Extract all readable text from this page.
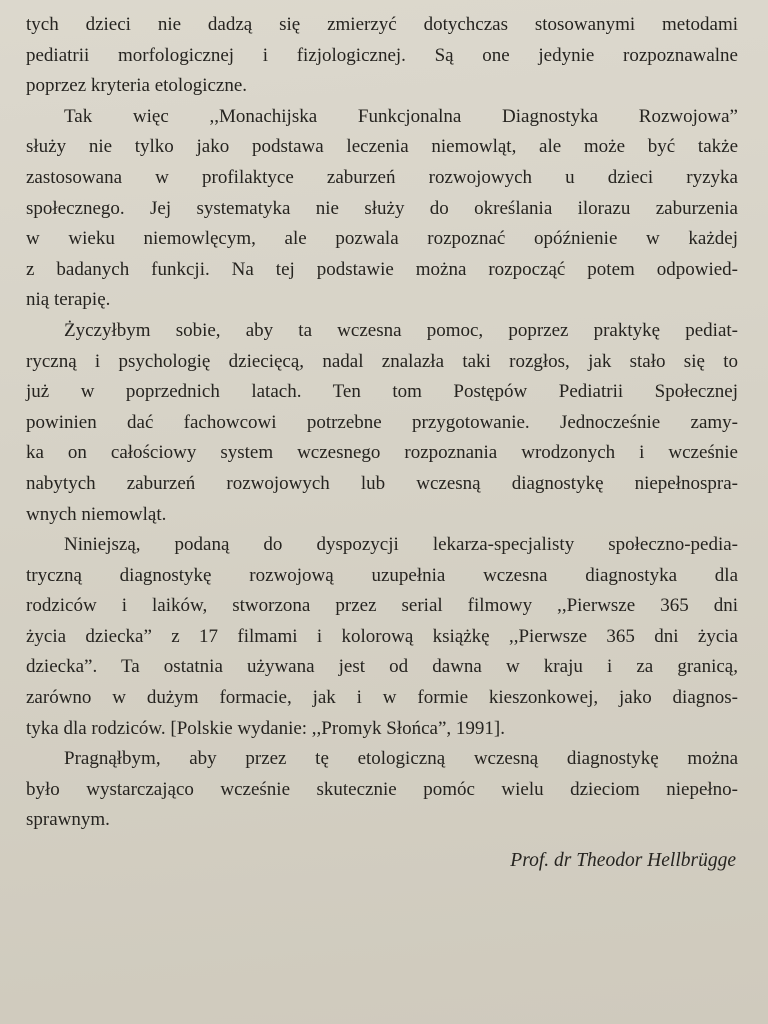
tych dzieci nie dadzą się zmierzyć dotychczas stosowanymi metodami
pediatrii morfologicznej i fizjologicznej. Są one jedynie rozpoznawalne
poprzez kryteria etologiczne.

Tak więc ,,Monachijska Funkcjonalna Diagnostyka Rozwojowa”
służy nie tylko jako podstawa leczenia niemowląt, ale może być także
zastosowana w profilaktyce zaburzeń rozwojowych u dzieci ryzyka
społecznego. Jej systematyka nie służy do określania ilorazu zaburzenia
w wieku niemowlęcym, ale pozwala rozpoznać opóźnienie w każdej
z badanych funkcji. Na tej podstawie można rozpocząć potem odpowied-
nią terapię.

Życzyłbym sobie, aby ta wczesna pomoc, poprzez praktykę pediat-
ryczną i psychologię dziecięcą, nadal znalazła taki rozgłos, jak stało się to
już w poprzednich latach. Ten tom Postępów Pediatrii Społecznej
powinien dać fachowcowi potrzebne przygotowanie. Jednocześnie zamy-
ka on całościowy system wczesnego rozpoznania wrodzonych i wcześnie
nabytych zaburzeń rozwojowych lub wczesną diagnostykę niepełnospra-
wnych niemowląt.

Niniejszą, podaną do dyspozycji lekarza-specjalisty społeczno-pedia-
tryczną diagnostykę rozwojową uzupełnia wczesna diagnostyka dla
rodziców i laików, stworzona przez serial filmowy ,,Pierwsze 365 dni
życia dziecka” z 17 filmami i kolorową książkę ,,Pierwsze 365 dni życia
dziecka”. Ta ostatnia używana jest od dawna w kraju i za granicą,
zarówno w dużym formacie, jak i w formie kieszonkowej, jako diagnos-
tyka dla rodziców. [Polskie wydanie: ,,Promyk Słońca”, 1991].

Pragnąłbym, aby przez tę etologiczną wczesną diagnostykę można
było wystarczająco wcześnie skutecznie pomóc wielu dzieciom niepełno-
sprawnym.

Prof. dr Theodor Hellbrügge
